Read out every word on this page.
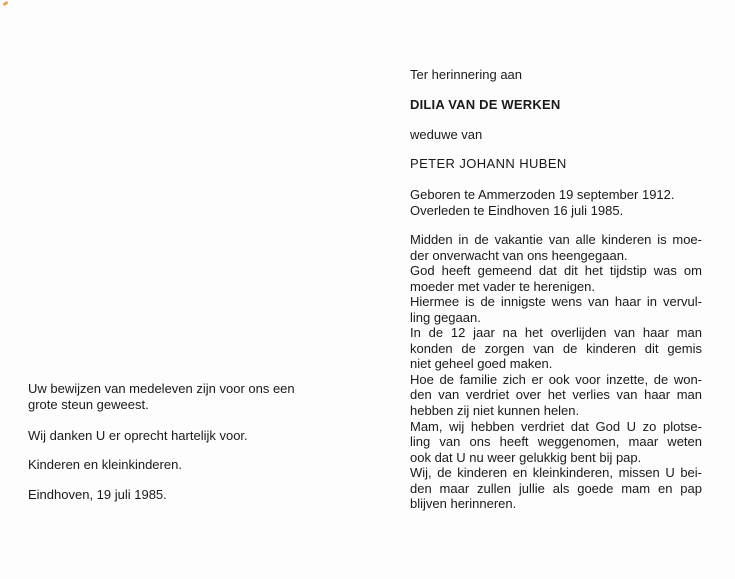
Uw bewijzen van medeleven zijn voor ons een
grote steun geweest.
Wij danken U er oprecht hartelijk voor.
Kinderen en kleinkinderen.
Eindhoven, 19 juli 1985.
Ter herinnering aan
DILIA VAN DE WERKEN
weduwe van
PETER JOHANN HUBEN
Geboren te Ammerzoden 19 september 1912.
Overleden te Eindhoven 16 juli 1985.
Midden in de vakantie van alle kinderen is moe-
der onverwacht van ons heengegaan.
God heeft gemeend dat dit het tijdstip was om
moeder met vader te herenigen.
Hiermee is de innigste wens van haar in vervul-
ling gegaan.
In de 12 jaar na het overlijden van haar man
konden de zorgen van de kinderen dit gemis
niet geheel goed maken.
Hoe de familie zich er ook voor inzette, de won-
den van verdriet over het verlies van haar man
hebben zij niet kunnen helen.
Mam, wij hebben verdriet dat God U zo plotse-
ling van ons heeft weggenomen, maar weten
ook dat U nu weer gelukkig bent bij pap.
Wij, de kinderen en kleinkinderen, missen U bei-
den maar zullen jullie als goede mam en pap
blijven herinneren.
